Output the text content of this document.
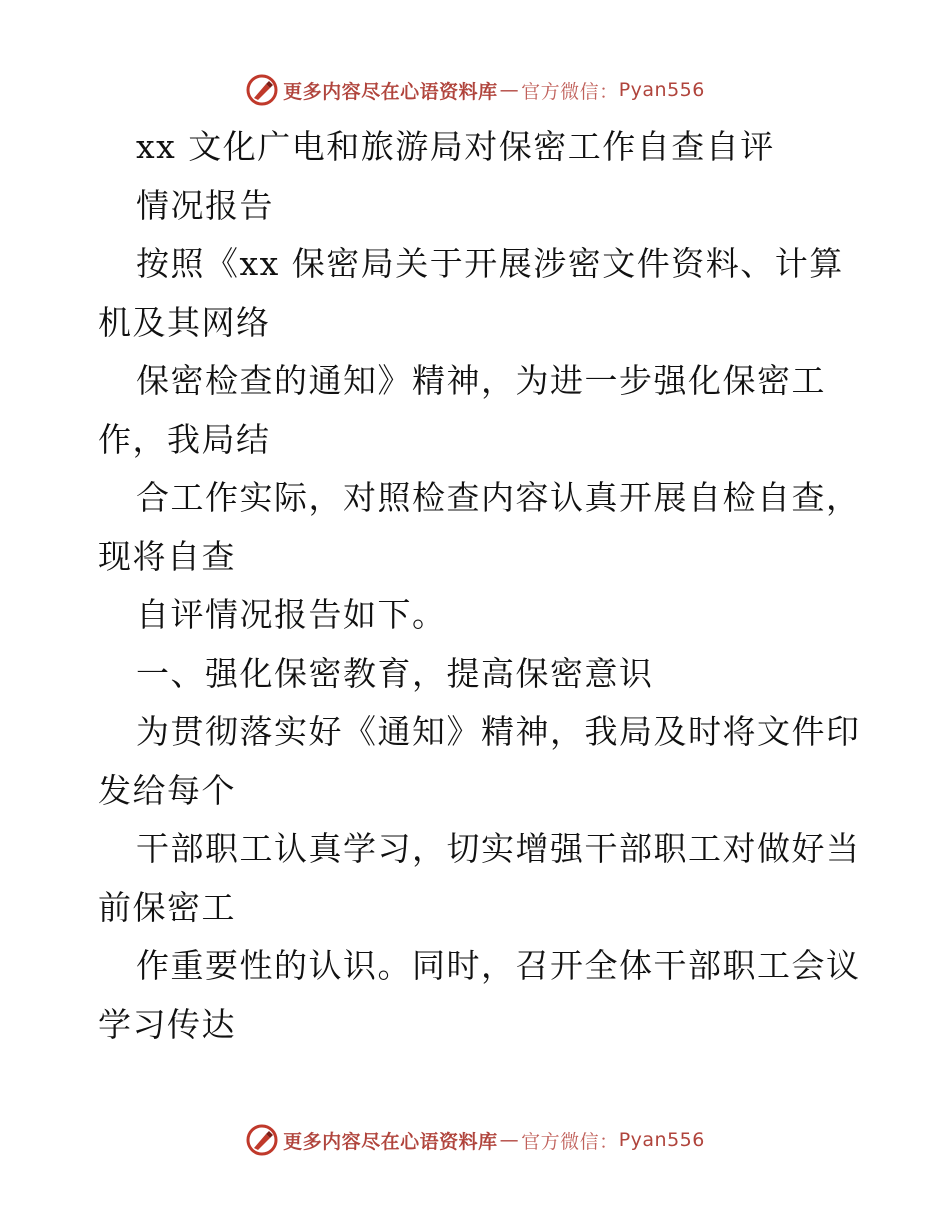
更多内容尽在心语资料库 — 官方微信： Pyan556
xx 文化广电和旅游局对保密工作自查自评
情况报告
按照《xx 保密局关于开展涉密文件资料、计算
机及其网络
保密检查的通知》精神，为进一步强化保密工
作，我局结
合工作实际，对照检查内容认真开展自检自查，
现将自查
自评情况报告如下。
一、强化保密教育，提高保密意识
为贯彻落实好《通知》精神，我局及时将文件印
发给每个
干部职工认真学习，切实增强干部职工对做好当
前保密工
作重要性的认识。同时，召开全体干部职工会议
学习传达
更多内容尽在心语资料库 — 官方微信： Pyan556
